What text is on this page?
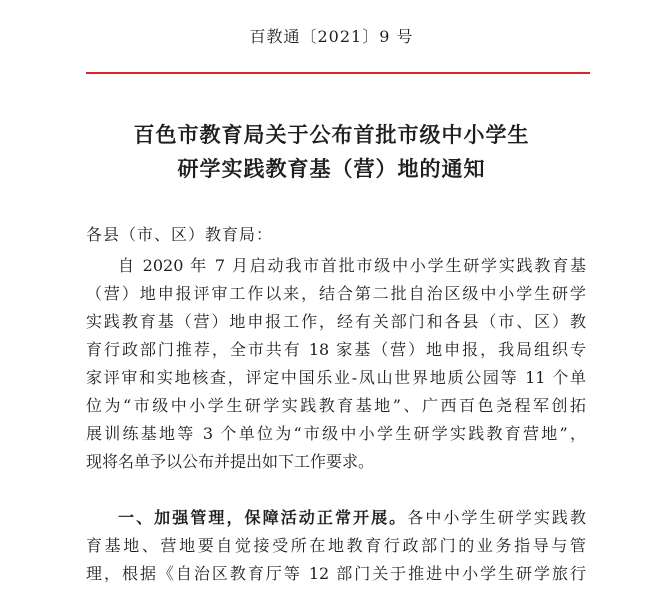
百教通〔2021〕9 号
百色市教育局关于公布首批市级中小学生
研学实践教育基（营）地的通知
各县（市、区）教育局：
自 2020 年 7 月启动我市首批市级中小学生研学实践教育基
（营）地申报评审工作以来，结合第二批自治区级中小学生研学
实践教育基（营）地申报工作，经有关部门和各县（市、区）教
育行政部门推荐，全市共有 18 家基（营）地申报，我局组织专
家评审和实地核查，评定中国乐业-凤山世界地质公园等 11 个单
位为“市级中小学生研学实践教育基地”、广西百色尧程军创拓
展训练基地等 3 个单位为“市级中小学生研学实践教育营地”，
现将名单予以公布并提出如下工作要求。
一、加强管理，保障活动正常开展。各中小学生研学实践教
育基地、营地要自觉接受所在地教育行政部门的业务指导与管
理，根据《自治区教育厅等 12 部门关于推进中小学生研学旅行
